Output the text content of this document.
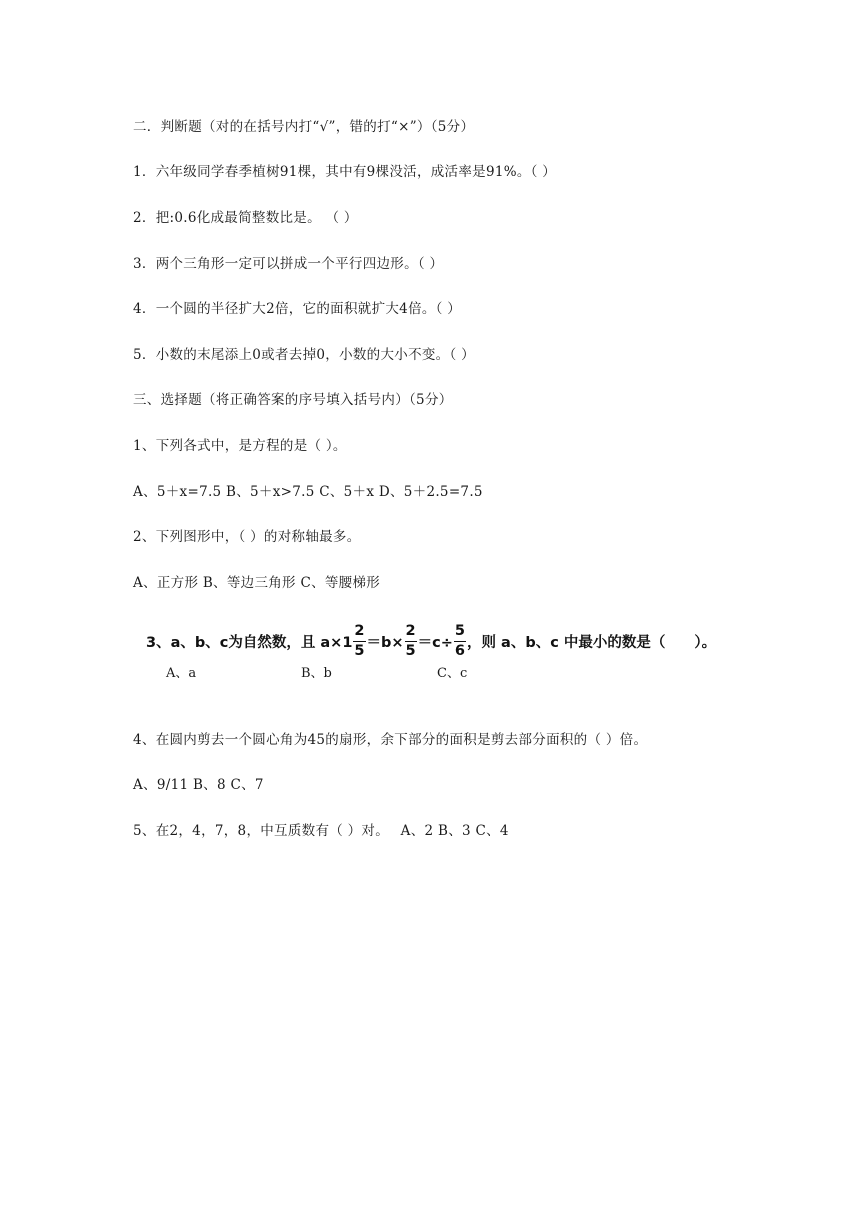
二．判断题（对的在括号内打“√”，错的打“×”）（5分）
1．六年级同学春季植树91棵，其中有9棵没活，成活率是91%。（ ）
2．把:0.6化成最简整数比是。 （ ）
3．两个三角形一定可以拼成一个平行四边形。（ ）
4．一个圆的半径扩大2倍，它的面积就扩大4倍。（ ）
5．小数的末尾添上0或者去掉0，小数的大小不变。（ ）
三、选择题（将正确答案的序号填入括号内）（5分）
1、下列各式中，是方程的是（ ）。
A、5＋x=7.5 B、5＋x>7.5 C、5＋x D、5＋2.5=7.5
2、下列图形中，（ ）的对称轴最多。
A、正方形 B、等边三角形 C、等腰梯形
3、a、b、c为自然数，且 $a\times 1 \frac{2}{5} =b\times \frac{2}{5} =c\div \frac{5}{6}$ ，则 a、b、c 中最小的数是（　　）。
A、a	B、b	C、c
4、在圆内剪去一个圆心角为45的扇形，余下部分的面积是剪去部分面积的（ ）倍。
A、9/11 B、8 C、7
5、在2，4，7，8，中互质数有（ ）对。　 A、2 B、3 C、4
